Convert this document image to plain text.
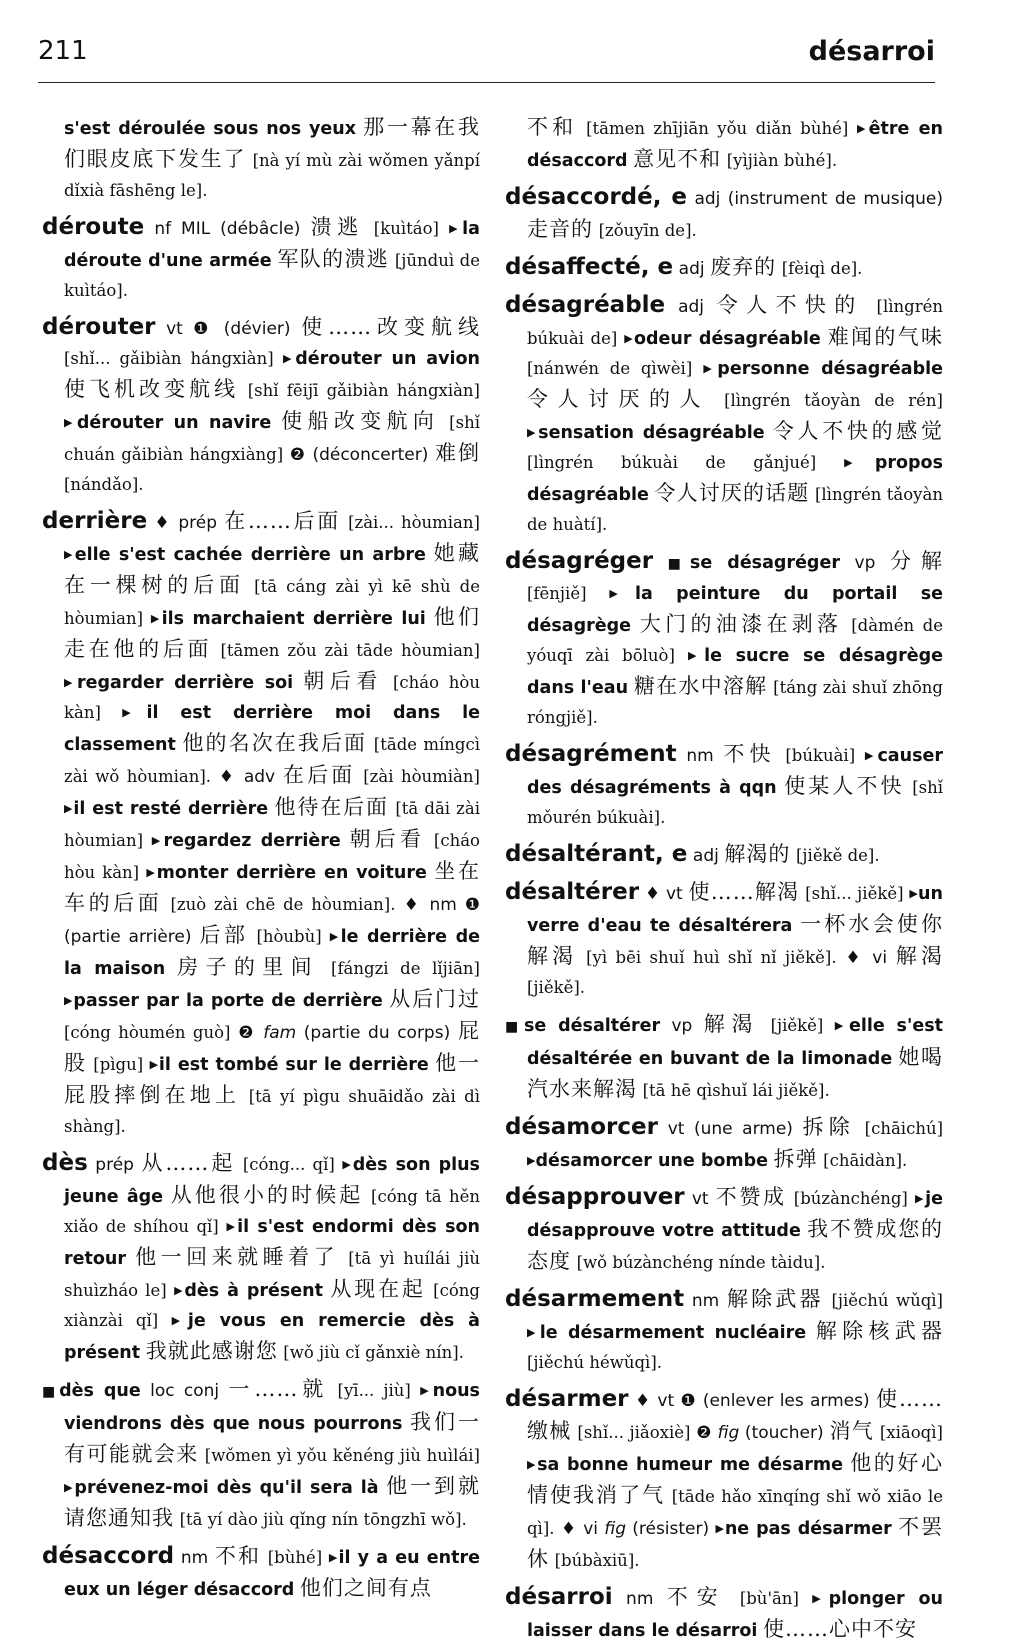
211	désarroi

s'est déroulée sous nos yeux 那一幕在我们眼皮底下发生了 [nà yí mù zài wǒmen yǎnpí dǐxià fāshēng le].

déroute nf MIL (débâcle) 溃逃 [kuìtáo] ▶la déroute d'une armée 军队的溃逃 [jūnduì de kuìtáo].

dérouter vt ❶ (dévier) 使……改变航线 [shǐ... gǎibiàn hángxiàn] ▶dérouter un avion 使飞机改变航线 [shǐ fēijī gǎibiàn hángxiàn] ▶dérouter un navire 使船改变航向 [shǐ chuán gǎibiàn hángxiàng] ❷ (déconcerter) 难倒 [nándǎo].

derrière ♦ prép 在……后面 [zài... hòumian] ▶elle s'est cachée derrière un arbre 她藏在一棵树的后面 [tā cáng zài yì kē shù de hòumian] ▶ils marchaient derrière lui 他们走在他的后面 [tāmen zǒu zài tāde hòumian] ▶regarder derrière soi 朝后看 [cháo hòu kàn] ▶il est derrière moi dans le classement 他的名次在我后面 [tāde míngcì zài wǒ hòumian]. ♦ adv 在后面 [zài hòumiàn] ▶il est resté derrière 他待在后面 [tā dāi zài hòumian] ▶regardez derrière 朝后看 [cháo hòu kàn] ▶monter derrière en voiture 坐在车的后面 [zuò zài chē de hòumian]. ♦ nm ❶ (partie arrière) 后部 [hòubù] ▶le derrière de la maison 房子的里间 [fángzi de lǐjiān] ▶passer par la porte de derrière 从后门过 [cóng hòumén guò] ❷ fam (partie du corps) 屁股 [pìgu] ▶il est tombé sur le derrière 他一屁股摔倒在地上 [tā yí pìgu shuāidǎo zài dì shàng].

dès prép 从……起 [cóng... qǐ] ▶dès son plus jeune âge 从他很小的时候起 [cóng tā hěn xiǎo de shíhou qǐ] ▶il s'est endormi dès son retour 他一回来就睡着了 [tā yì huílái jiù shuìzháo le] ▶dès à présent 从现在起 [cóng xiànzài qǐ] ▶je vous en remercie dès à présent 我就此感谢您 [wǒ jiù cǐ gǎnxiè nín].

■dès que loc conj 一……就 [yī... jiù] ▶nous viendrons dès que nous pourrons 我们一有可能就会来 [wǒmen yì yǒu kěnéng jiù huìlái] ▶prévenez-moi dès qu'il sera là 他一到就请您通知我 [tā yí dào jiù qǐng nín tōngzhī wǒ].

désaccord nm 不和 [bùhé] ▶il y a eu entre eux un léger désaccord 他们之间有点

不和 [tāmen zhījiān yǒu diǎn bùhé] ▶être en désaccord 意见不和 [yìjiàn bùhé].

désaccordé, e adj (instrument de musique) 走音的 [zǒuyīn de].

désaffecté, e adj 废弃的 [fèiqì de].

désagréable adj 令人不快的 [lìngrén búkuài de] ▶odeur désagréable 难闻的气味 [nánwén de qìwèi] ▶personne désagréable 令人讨厌的人 [lìngrén tǎoyàn de rén] ▶sensation désagréable 令人不快的感觉 [lìngrén búkuài de gǎnjué]	▶propos désagréable 令人讨厌的话题 [lìngrén tǎoyàn de huàtí].

désagréger ■se désagréger vp 分解 [fēnjiě] ▶la peinture du portail se désagrège 大门的油漆在剥落 [dàmén de yóuqī zài bōluò] ▶le sucre se désagrège dans l'eau 糖在水中溶解 [táng zài shuǐ zhōng róngjiě].

désagrément nm 不快 [búkuài] ▶causer des désagréments à qqn 使某人不快 [shǐ mǒurén búkuài].

désaltérant, e adj 解渴的 [jiěkě de].

désaltérer ♦ vt 使……解渴 [shǐ... jiěkě] ▶un verre d'eau te désaltérera 一杯水会使你解渴 [yì bēi shuǐ huì shǐ nǐ jiěkě]. ♦ vi 解渴 [jiěkě].

■se désaltérer vp 解渴 [jiěkě] ▶elle s'est désaltérée en buvant de la limonade 她喝汽水来解渴 [tā hē qìshuǐ lái jiěkě].

désamorcer vt (une arme) 拆除 [chāichú] ▶désamorcer une bombe 拆弹 [chāidàn].

désapprouver vt 不赞成 [búzànchéng] ▶je désapprouve votre attitude 我不赞成您的态度 [wǒ búzànchéng nínde tàidu].

désarmement nm 解除武器 [jiěchú wǔqì] ▶le désarmement nucléaire 解除核武器 [jiěchú héwǔqì].

désarmer ♦ vt ❶ (enlever les armes) 使……缴械 [shǐ... jiǎoxiè] ❷ fig (toucher) 消气 [xiāoqì] ▶sa bonne humeur me désarme 他的好心情使我消了气 [tāde hǎo xīnqíng shǐ wǒ xiāo le qì]. ♦ vi fig (résister) ▶ne pas désarmer 不罢休 [búbàxiū].

désarroi nm 不安 [bù'ān] ▶plonger ou laisser dans le désarroi 使……心中不安
